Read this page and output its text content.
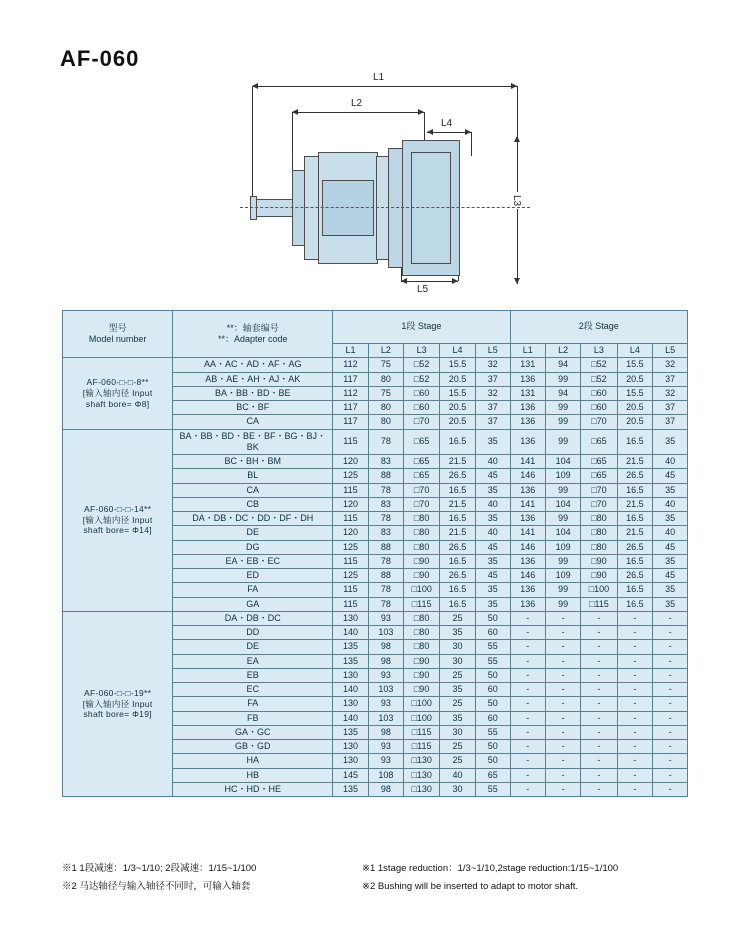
AF-060
L1
L2
L4
L3
L5
型号
Model number

**：轴套编号
**：Adapter code
	1段 Stage	2段 Stage
		L1	L2	L3	L4	L5	L1	L2	L3	L4	L5

AF-060-□-□-8**
[输入轴内径 Input
shaft bore= Φ8]	AA・AC・AD・AF・AG	112	75	□52	15.5	32	131	94	□52	15.5	32
	AB・AE・AH・AJ・AK	117	80	□52	20.5	37	136	99	□52	20.5	37
	BA・BB・BD・BE	112	75	□60	15.5	32	131	94	□60	15.5	32
	BC・BF	117	80	□60	20.5	37	136	99	□60	20.5	37
	CA	117	80	□70	20.5	37	136	99	□70	20.5	37

AF-060-□-□-14**
[输入轴内径 Input
shaft bore= Φ14]	BA・BB・BD・BE・BF・BG・BJ・BK	115	78	□65	16.5	35	136	99	□65	16.5	35
	BC・BH・BM	120	83	□65	21.5	40	141	104	□65	21.5	40
	BL	125	88	□65	26.5	45	146	109	□65	26.5	45
	CA	115	78	□70	16.5	35	136	99	□70	16.5	35
	CB	120	83	□70	21.5	40	141	104	□70	21.5	40
	DA・DB・DC・DD・DF・DH	115	78	□80	16.5	35	136	99	□80	16.5	35
	DE	120	83	□80	21.5	40	141	104	□80	21.5	40
	DG	125	88	□80	26.5	45	146	109	□80	26.5	45
	EA・EB・EC	115	78	□90	16.5	35	136	99	□90	16.5	35
	ED	125	88	□90	26.5	45	146	109	□90	26.5	45
	FA	115	78	□100	16.5	35	136	99	□100	16.5	35
	GA	115	78	□115	16.5	35	136	99	□115	16.5	35

AF-060-□-□-19**
[输入轴内径 Input
shaft bore= Φ19]	DA・DB・DC	130	93	□80	25	50	-	-	-	-	-
	DD	140	103	□80	35	60	-	-	-	-	-
	DE	135	98	□80	30	55	-	-	-	-	-
	EA	135	98	□90	30	55	-	-	-	-	-
	EB	130	93	□90	25	50	-	-	-	-	-
	EC	140	103	□90	35	60	-	-	-	-	-
	FA	130	93	□100	25	50	-	-	-	-	-
	FB	140	103	□100	35	60	-	-	-	-	-
	GA・GC	135	98	□115	30	55	-	-	-	-	-
	GB・GD	130	93	□115	25	50	-	-	-	-	-
	HA	130	93	□130	25	50	-	-	-	-	-
	HB	145	108	□130	40	65	-	-	-	-	-
	HC・HD・HE	135	98	□130	30	55	-	-	-	-	-
※1 1段减速：1/3~1/10; 2段减速：1/15~1/100
※2 马达轴径与输入轴径不同时，可输入轴套
※1 1stage reduction：1/3~1/10,2stage reduction:1/15~1/100
※2 Bushing will be inserted to adapt to motor shaft.
